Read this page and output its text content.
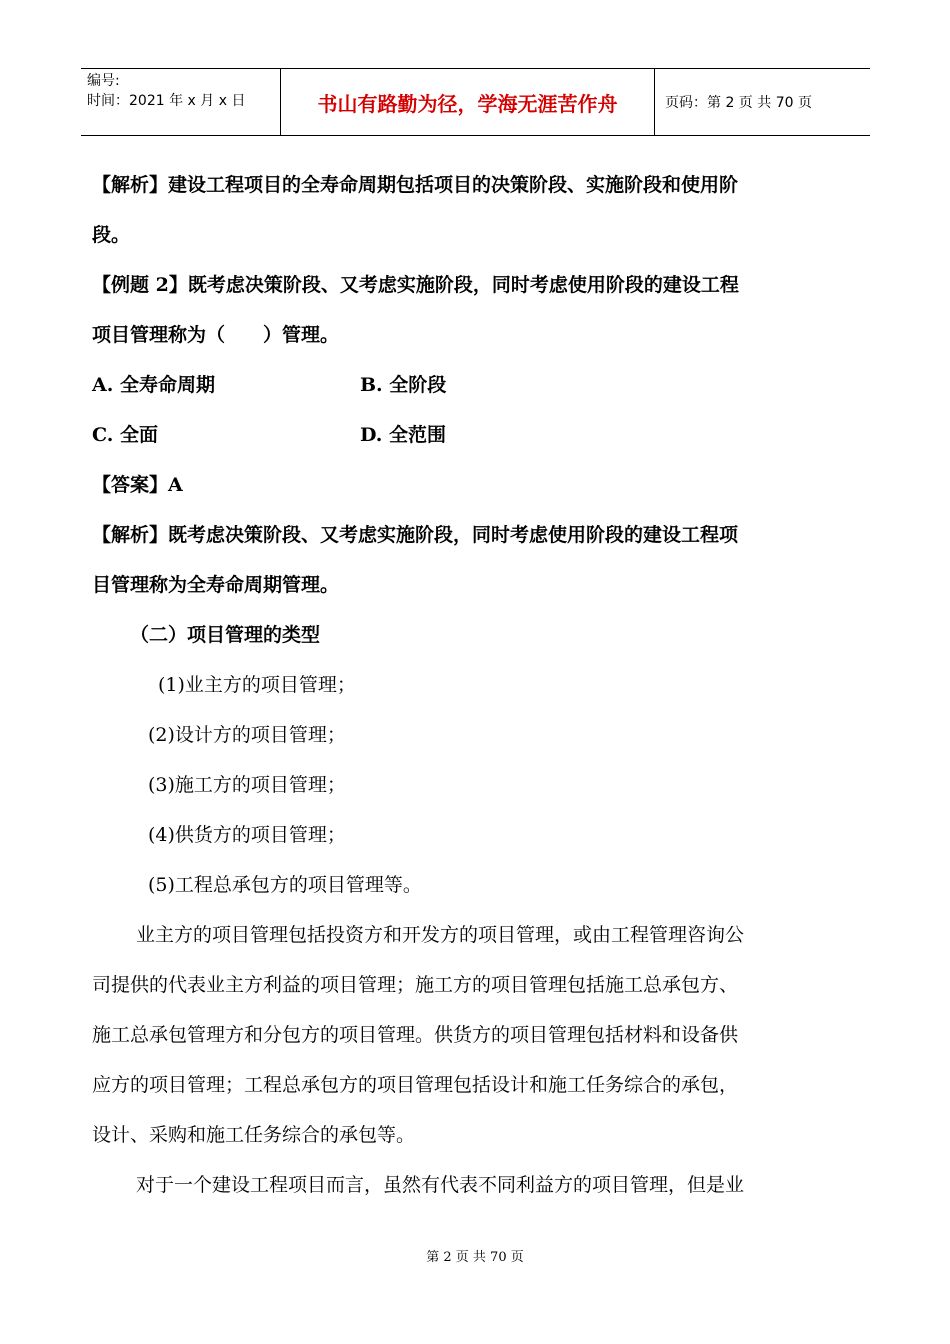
编号:
时间：2021 年 x 月 x 日	书山有路勤为径，学海无涯苦作舟	页码：第 2 页 共 70 页
【解析】建设工程项目的全寿命周期包括项目的决策阶段、实施阶段和使用阶
段。
【例题 2】既考虑决策阶段、又考虑实施阶段，同时考虑使用阶段的建设工程
项目管理称为（　　）管理。
A. 全寿命周期	B. 全阶段
C. 全面	D. 全范围
【答案】A
【解析】既考虑决策阶段、又考虑实施阶段，同时考虑使用阶段的建设工程项
目管理称为全寿命周期管理。
（二）项目管理的类型
(1)业主方的项目管理；
(2)设计方的项目管理；
(3)施工方的项目管理；
(4)供货方的项目管理；
(5)工程总承包方的项目管理等。
业主方的项目管理包括投资方和开发方的项目管理，或由工程管理咨询公
司提供的代表业主方利益的项目管理；施工方的项目管理包括施工总承包方、
施工总承包管理方和分包方的项目管理。供货方的项目管理包括材料和设备供
应方的项目管理；工程总承包方的项目管理包括设计和施工任务综合的承包，
设计、采购和施工任务综合的承包等。
对于一个建设工程项目而言，虽然有代表不同利益方的项目管理，但是业
第 2 页 共 70 页
